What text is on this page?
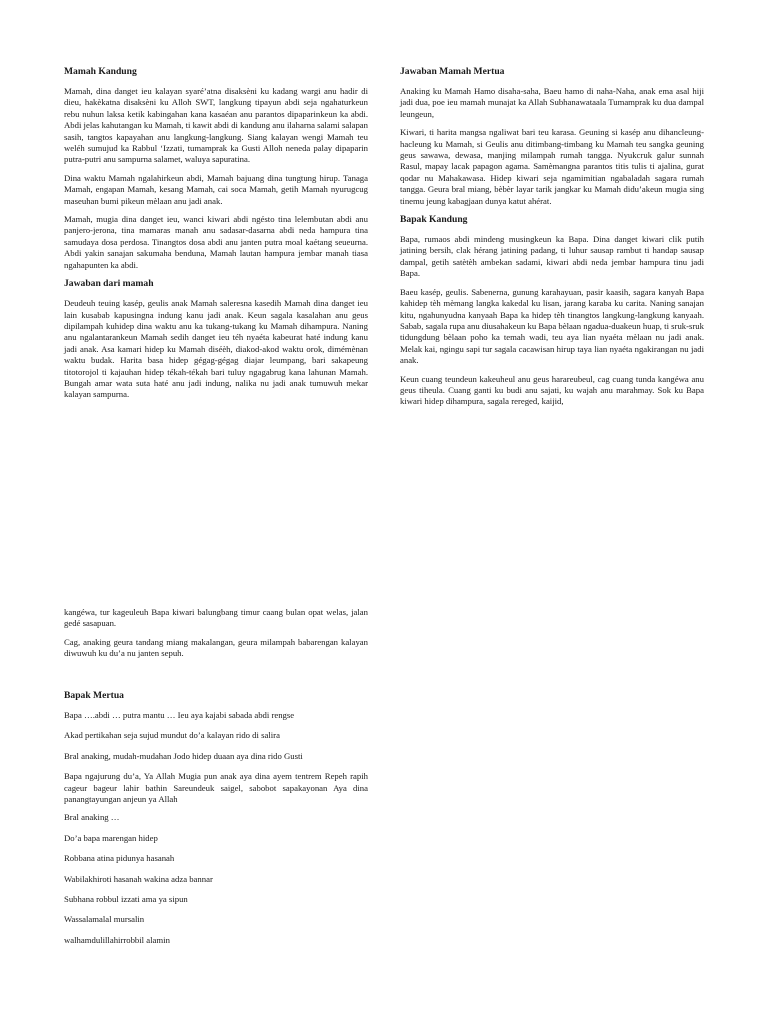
Mamah Kandung

Mamah, dina danget ieu kalayan syaré’atna disaksèni ku kadang wargi anu hadir di dieu, hakèkatna disaksèni ku Alloh SWT, langkung tipayun abdi seja ngahaturkeun rebu nuhun laksa ketik kabingahan kana kasaéan anu parantos dipaparinkeun ka abdi. Abdi jelas kahutangan ku Mamah, ti kawit abdi di kandung anu ilaharna salami salapan sasih, tangtos kapayahan anu langkung-langkung. Siang kalayan wengi Mamah teu weléh sumujud ka Rabbul ‘Izzati, tumamprak ka Gusti Alloh neneda palay dipaparin putra-putri anu sampurna salamet, waluya sapuratina.

Dina waktu Mamah ngalahirkeun abdi, Mamah bajuang dina tungtung hirup. Tanaga Mamah, engapan Mamah, kesang Mamah, cai soca Mamah, getih Mamah nyurugcug maseuhan bumi pikeun mèlaan anu jadi anak.

Mamah, mugia dina danget ieu, wanci kiwari abdi ngésto tina lelembutan abdi anu panjero-jerona, tina mamaras manah anu sadasar-dasarna abdi neda hampura tina samudaya dosa perdosa. Tinangtos dosa abdi anu janten putra moal kaétang seueurna. Abdi yakin sanajan sakumaha benduna, Mamah lautan hampura jembar manah tiasa ngahapunten ka abdi.

Jawaban dari mamah

Deudeuh teuing kasép, geulis anak Mamah saleresna kasedih Mamah dina danget ieu lain kusabab kapusingna indung kanu jadi anak. Keun sagala kasalahan anu geus dipilampah kuhidep dina waktu anu ka tukang-tukang ku Mamah dihampura. Naning anu ngalantarankeun Mamah sedih danget ieu téh nyaéta kabeurat haté indung kanu jadi anak. Asa kamari hidep ku Mamah diséèh, diakod-akod waktu orok, dimémènan waktu budak. Harita basa hidep gégag-gégag diajar leumpang, bari sakapeung titotorojol ti kajauhan hidep tékah-tékah bari tuluy ngagabrug kana lahunan Mamah. Bungah amar wata suta haté anu jadi indung, nalika nu jadi anak tumuwuh mekar kalayan sampurna.

kangéwa, tur kageuleuh Bapa kiwari balungbang timur caang bulan opat welas, jalan gedé sasapuan.

Cag, anaking geura tandang miang makalangan, geura milampah babarengan kalayan diwuwuh ku du’a nu janten sepuh.

Bapak Mertua

Bapa ….abdi … putra mantu … Ieu aya kajabi sabada abdi rengse

Akad pertikahan seja sujud mundut do’a kalayan rido di salira

Bral anaking, mudah-mudahan Jodo hidep duaan aya dina rido Gusti

Bapa ngajurung du’a, Ya Allah Mugia pun anak aya dina ayem tentrem Repeh rapih cageur bageur lahir bathin Sareundeuk saigel, sabobot sapakayonan Aya dina panangtayungan anjeun ya Allah

Bral anaking …

Do’a bapa marengan hidep

Robbana atina pidunya hasanah

Wabilakhiroti hasanah wakina adza bannar

Subhana robbul izzati ama ya sipun

Wassalamalal mursalin

walhamdulillahirrobbil alamin

Jawaban Mamah Mertua

Anaking ku Mamah Hamo disaha-saha, Baeu hamo di naha-Naha, anak ema asal hiji jadi dua, poe ieu mamah munajat ka Allah Subhanawataala Tumamprak ku dua dampal leungeun,

Kiwari, ti harita mangsa ngaliwat bari teu karasa. Geuning si kasép anu dihancleung-hacleung ku Mamah, si Geulis anu ditimbang-timbang ku Mamah teu sangka geuning geus sawawa, dewasa, manjing milampah rumah tangga. Nyukcruk galur sunnah Rasul, mapay lacak papagon agama. Samèmangna parantos titis tulis ti ajalina, gurat qodar nu Mahakawasa. Hidep kiwari seja ngamimitian ngabaladah sagara rumah tangga. Geura bral miang, bèbèr layar tarik jangkar ku Mamah didu’akeun mugia sing tinemu jeung kabagjaan dunya katut ahérat.

Bapak Kandung

Bapa, rumaos abdi mindeng musingkeun ka Bapa. Dina danget kiwari clik putih jatining bersih, clak hérang jatining padang, ti luhur sausap rambut ti handap sausap dampal, getih satètèh ambekan sadami, kiwari abdi neda jembar hampura tinu jadi Bapa.

Baeu kasép, geulis. Sabenerna, gunung karahayuan, pasir kaasih, sagara kanyah Bapa kahidep tèh mèmang langka kakedal ku lisan, jarang karaba ku carita. Naning sanajan kitu, ngahunyudna kanyaah Bapa ka hidep tèh tinangtos langkung-langkung kanyaah. Sabab, sagala rupa anu diusahakeun ku Bapa bèlaan ngadua-duakeun huap, ti sruk-sruk tidungdung bèlaan poho ka temah wadi, teu aya lian nyaéta mèlaan nu jadi anak. Melak kai, ngingu sapi tur sagala cacawisan hirup taya lian nyaéta ngakirangan nu jadi anak.

Keun cuang teundeun kakeuheul anu geus harareubeul, cag cuang tunda kangéwa anu geus tiheula. Cuang ganti ku budi anu sajati, ku wajah anu marahmay. Sok ku Bapa kiwari hidep dihampura, sagala rereged, kaijid,
